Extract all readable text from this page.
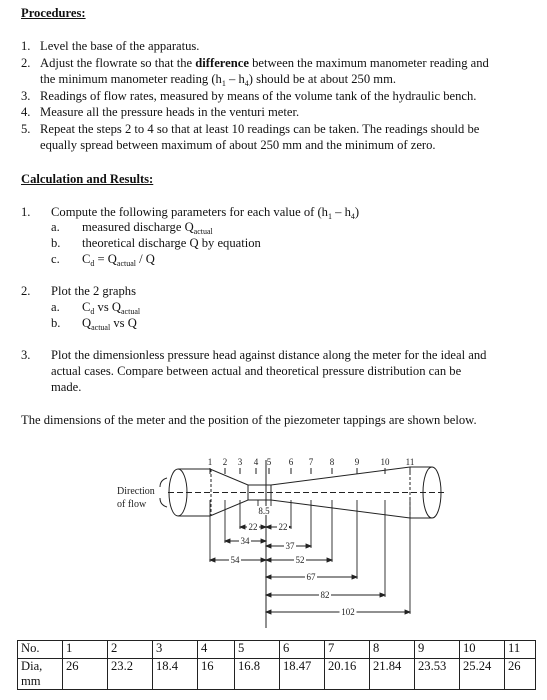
Procedures:
1. Level the base of the apparatus.
2. Adjust the flowrate so that the difference between the maximum manometer reading and
the minimum manometer reading $(h_1 - h_4)$ should be at about 250 mm.
3. Readings of flow rates, measured by means of the volume tank of the hydraulic bench.
4. Measure all the pressure heads in the venturi meter.
5. Repeat the steps 2 to 4 so that at least 10 readings can be taken. The readings should be
equally spread between maximum of about 250 mm and the minimum of zero.
Calculation and Results:
1. Compute the following parameters for each value of $(h_1 - h_4)$
a. measured discharge $Q_{actual}$
b. theoretical discharge Q by equation
c. $C_d = Q_{actual} / Q$
2. Plot the 2 graphs
a. $C_d$ vs $Q_{actual}$
b. $Q_{actual}$ vs Q
3. Plot the dimensionless pressure head against distance along the meter for the ideal and
actual cases. Compare between actual and theoretical pressure distribution can be
made.
The dimensions of the meter and the position of the piezometer tappings are shown below.
1 2 3 4 5 6 7 8 9 10 11
Direction
of flow
8.5
22 22
34	37
54	52
67
82
102
No.	1	2	3	4	5	6	7	8	9	10	11
Dia,
mm	26	23.2	18.4	16	16.8	18.47	20.16	21.84	23.53	25.24	26
